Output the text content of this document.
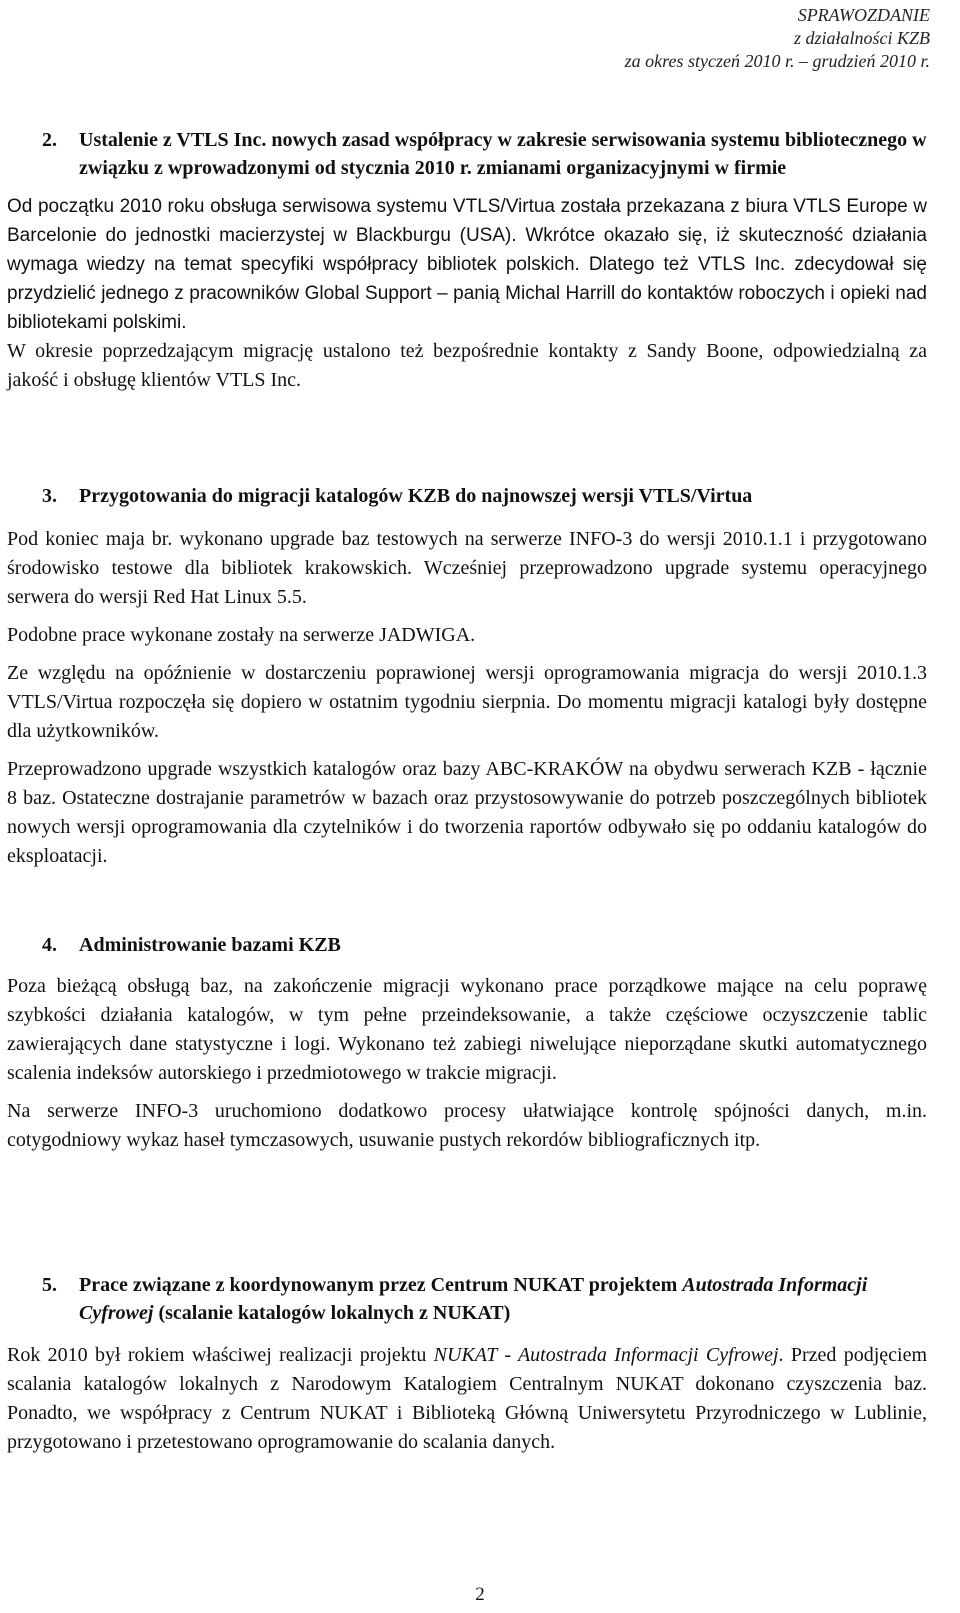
SPRAWOZDANIE
z działalności KZB
za okres styczeń 2010 r. – grudzień 2010 r.
2. Ustalenie z VTLS Inc. nowych zasad współpracy w zakresie serwisowania systemu bibliotecznego w związku z wprowadzonymi od stycznia 2010 r. zmianami organizacyjnymi w firmie

Od początku 2010 roku obsługa serwisowa systemu VTLS/Virtua została przekazana z biura VTLS Europe w Barcelonie do jednostki macierzystej w Blackburgu (USA). Wkrótce okazało się, iż skuteczność działania wymaga wiedzy na temat specyfiki współpracy bibliotek polskich. Dlatego też VTLS Inc. zdecydował się przydzielić jednego z pracowników Global Support – panią Michal Harrill do kontaktów roboczych i opieki nad bibliotekami polskimi.

W okresie poprzedzającym migrację ustalono też bezpośrednie kontakty z Sandy Boone, odpowiedzialną za jakość i obsługę klientów VTLS Inc.

3. Przygotowania do migracji katalogów KZB do najnowszej wersji VTLS/Virtua

Pod koniec maja br. wykonano upgrade baz testowych na serwerze INFO-3 do wersji 2010.1.1 i przygotowano środowisko testowe dla bibliotek krakowskich. Wcześniej przeprowadzono upgrade systemu operacyjnego serwera do wersji Red Hat Linux 5.5.

Podobne prace wykonane zostały na serwerze JADWIGA.

Ze względu na opóźnienie w dostarczeniu poprawionej wersji oprogramowania migracja do wersji 2010.1.3 VTLS/Virtua rozpoczęła się dopiero w ostatnim tygodniu sierpnia. Do momentu migracji katalogi były dostępne dla użytkowników.

Przeprowadzono upgrade wszystkich katalogów oraz bazy ABC-KRAKÓW na obydwu serwerach KZB - łącznie 8 baz. Ostateczne dostrajanie parametrów w bazach oraz przystosowywanie do potrzeb poszczególnych bibliotek nowych wersji oprogramowania dla czytelników i do tworzenia raportów odbywało się po oddaniu katalogów do eksploatacji.

4. Administrowanie bazami KZB

Poza bieżącą obsługą baz, na zakończenie migracji wykonano prace porządkowe mające na celu poprawę szybkości działania katalogów, w tym pełne przeindeksowanie, a także częściowe oczyszczenie tablic zawierających dane statystyczne i logi. Wykonano też zabiegi niwelujące nieporządane skutki automatycznego scalenia indeksów autorskiego i przedmiotowego w trakcie migracji.

Na serwerze INFO-3 uruchomiono dodatkowo procesy ułatwiające kontrolę spójności danych, m.in. cotygodniowy wykaz haseł tymczasowych, usuwanie pustych rekordów bibliograficznych itp.

5. Prace związane z koordynowanym przez Centrum NUKAT projektem Autostrada Informacji Cyfrowej (scalanie katalogów lokalnych z NUKAT)

Rok 2010 był rokiem właściwej realizacji projektu NUKAT - Autostrada Informacji Cyfrowej. Przed podjęciem scalania katalogów lokalnych z Narodowym Katalogiem Centralnym NUKAT dokonano czyszczenia baz. Ponadto, we współpracy z Centrum NUKAT i Biblioteką Główną Uniwersytetu Przyrodniczego w Lublinie, przygotowano i przetestowano oprogramowanie do scalania danych.

2
